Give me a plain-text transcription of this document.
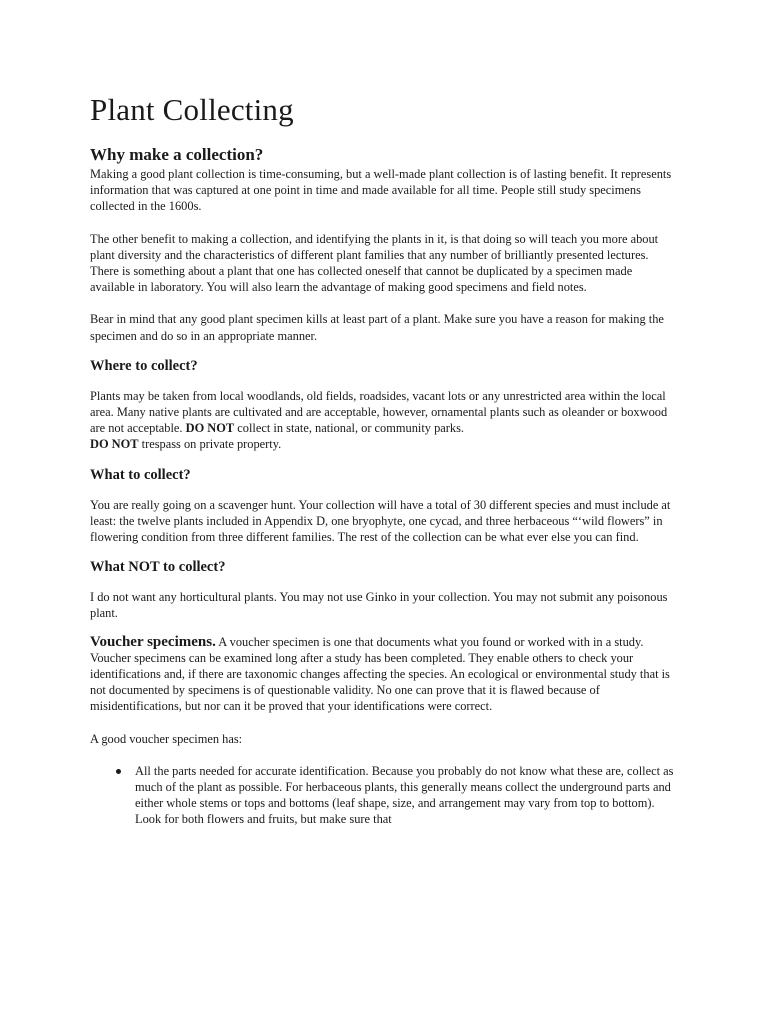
Plant Collecting
Why make a collection?

Making a good plant collection is time-consuming, but a well-made plant collection is of lasting benefit. It represents information that was captured at one point in time and made available for all time. People still study specimens collected in the 1600s.

The other benefit to making a collection, and identifying the plants in it, is that doing so will teach you more about plant diversity and the characteristics of different plant families that any number of brilliantly presented lectures. There is something about a plant that one has collected oneself that cannot be duplicated by a specimen made available in laboratory. You will also learn the advantage of making good specimens and field notes.

Bear in mind that any good plant specimen kills at least part of a plant. Make sure you have a reason for making the specimen and do so in an appropriate manner.

Where to collect?

Plants may be taken from local woodlands, old fields, roadsides, vacant lots or any unrestricted area within the local area. Many native plants are cultivated and are acceptable, however, ornamental plants such as oleander or boxwood are not acceptable. DO NOT collect in state, national, or community parks.
DO NOT trespass on private property.

What to collect?

You are really going on a scavenger hunt. Your collection will have a total of 30 different species and must include at least: the twelve plants included in Appendix D, one bryophyte, one cycad, and three herbaceous “‘wild flowers” in flowering condition from three different families. The rest of the collection can be what ever else you can find.

What NOT to collect?

I do not want any horticultural plants. You may not use Ginko in your collection. You may not submit any poisonous plant.

Voucher specimens. A voucher specimen is one that documents what you found or worked with in a study. Voucher specimens can be examined long after a study has been completed. They enable others to check your identifications and, if there are taxonomic changes affecting the species. An ecological or environmental study that is not documented by specimens is of questionable validity. No one can prove that it is flawed because of misidentifications, but nor can it be proved that your identifications were correct.

A good voucher specimen has:

All the parts needed for accurate identification. Because you probably do not know what these are, collect as much of the plant as possible. For herbaceous plants, this generally means collect the underground parts and either whole stems or tops and bottoms (leaf shape, size, and arrangement may vary from top to bottom). Look for both flowers and fruits, but make sure that
